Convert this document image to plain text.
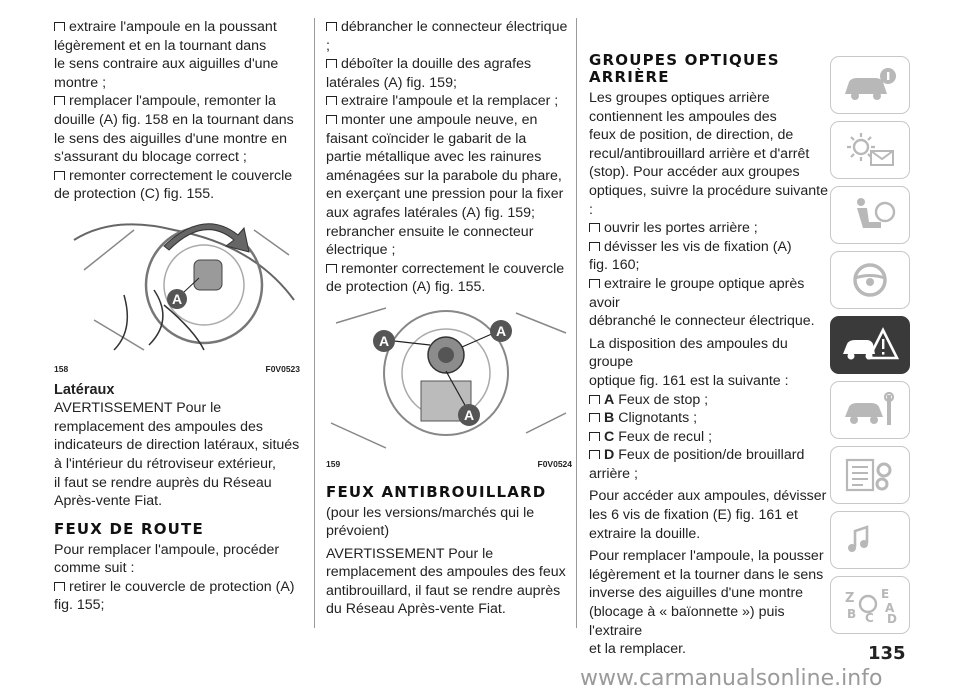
extraire l'ampoule en la poussant

légèrement et en la tournant dans

le sens contraire aux aiguilles d'une

montre ;

remplacer l'ampoule, remonter la

douille (A) fig. 158 en la tournant dans

le sens des aiguilles d'une montre en

s'assurant du blocage correct ;

remonter correctement le couvercle

de protection (C) fig. 155.

A
158	F0V0523
Latéraux

AVERTISSEMENT Pour le

remplacement des ampoules des

indicateurs de direction latéraux, situés

à l'intérieur du rétroviseur extérieur,

il faut se rendre auprès du Réseau

Après-vente Fiat.

FEUX DE ROUTE

Pour remplacer l'ampoule, procéder

comme suit :

retirer le couvercle de protection (A)

fig. 155;

débrancher le connecteur électrique ;

déboîter la douille des agrafes

latérales (A) fig. 159;

extraire l'ampoule et la remplacer ;

monter une ampoule neuve, en

faisant coïncider le gabarit de la

partie métallique avec les rainures

aménagées sur la parabole du phare,

en exerçant une pression pour la fixer

aux agrafes latérales (A) fig. 159;

rebrancher ensuite le connecteur

électrique ;

remonter correctement le couvercle

de protection (A) fig. 155.

A
A
A
159	F0V0524
FEUX ANTIBROUILLARD

(pour les versions/marchés qui le

prévoient)

AVERTISSEMENT Pour le

remplacement des ampoules des feux

antibrouillard, il faut se rendre auprès

du Réseau Après-vente Fiat.

GROUPES OPTIQUES
ARRIÈRE

Les groupes optiques arrière

contiennent les ampoules des

feux de position, de direction, de

recul/antibrouillard arrière et d'arrêt

(stop). Pour accéder aux groupes

optiques, suivre la procédure suivante :

ouvrir les portes arrière ;

dévisser les vis de fixation (A)

fig. 160;

extraire le groupe optique après avoir

débranché le connecteur électrique.

La disposition des ampoules du groupe

optique fig. 161 est la suivante :

A Feux de stop ;

B Clignotants ;

C Feux de recul ;

D Feux de position/de brouillard

arrière ;

Pour accéder aux ampoules, dévisser

les 6 vis de fixation (E) fig. 161 et

extraire la douille.

Pour remplacer l'ampoule, la pousser

légèrement et la tourner dans le sens

inverse des aiguilles d'une montre

(blocage à « baïonnette ») puis l'extraire

et la remplacer.

Z E
A
B C D
135
www.carmanualsonline.info
